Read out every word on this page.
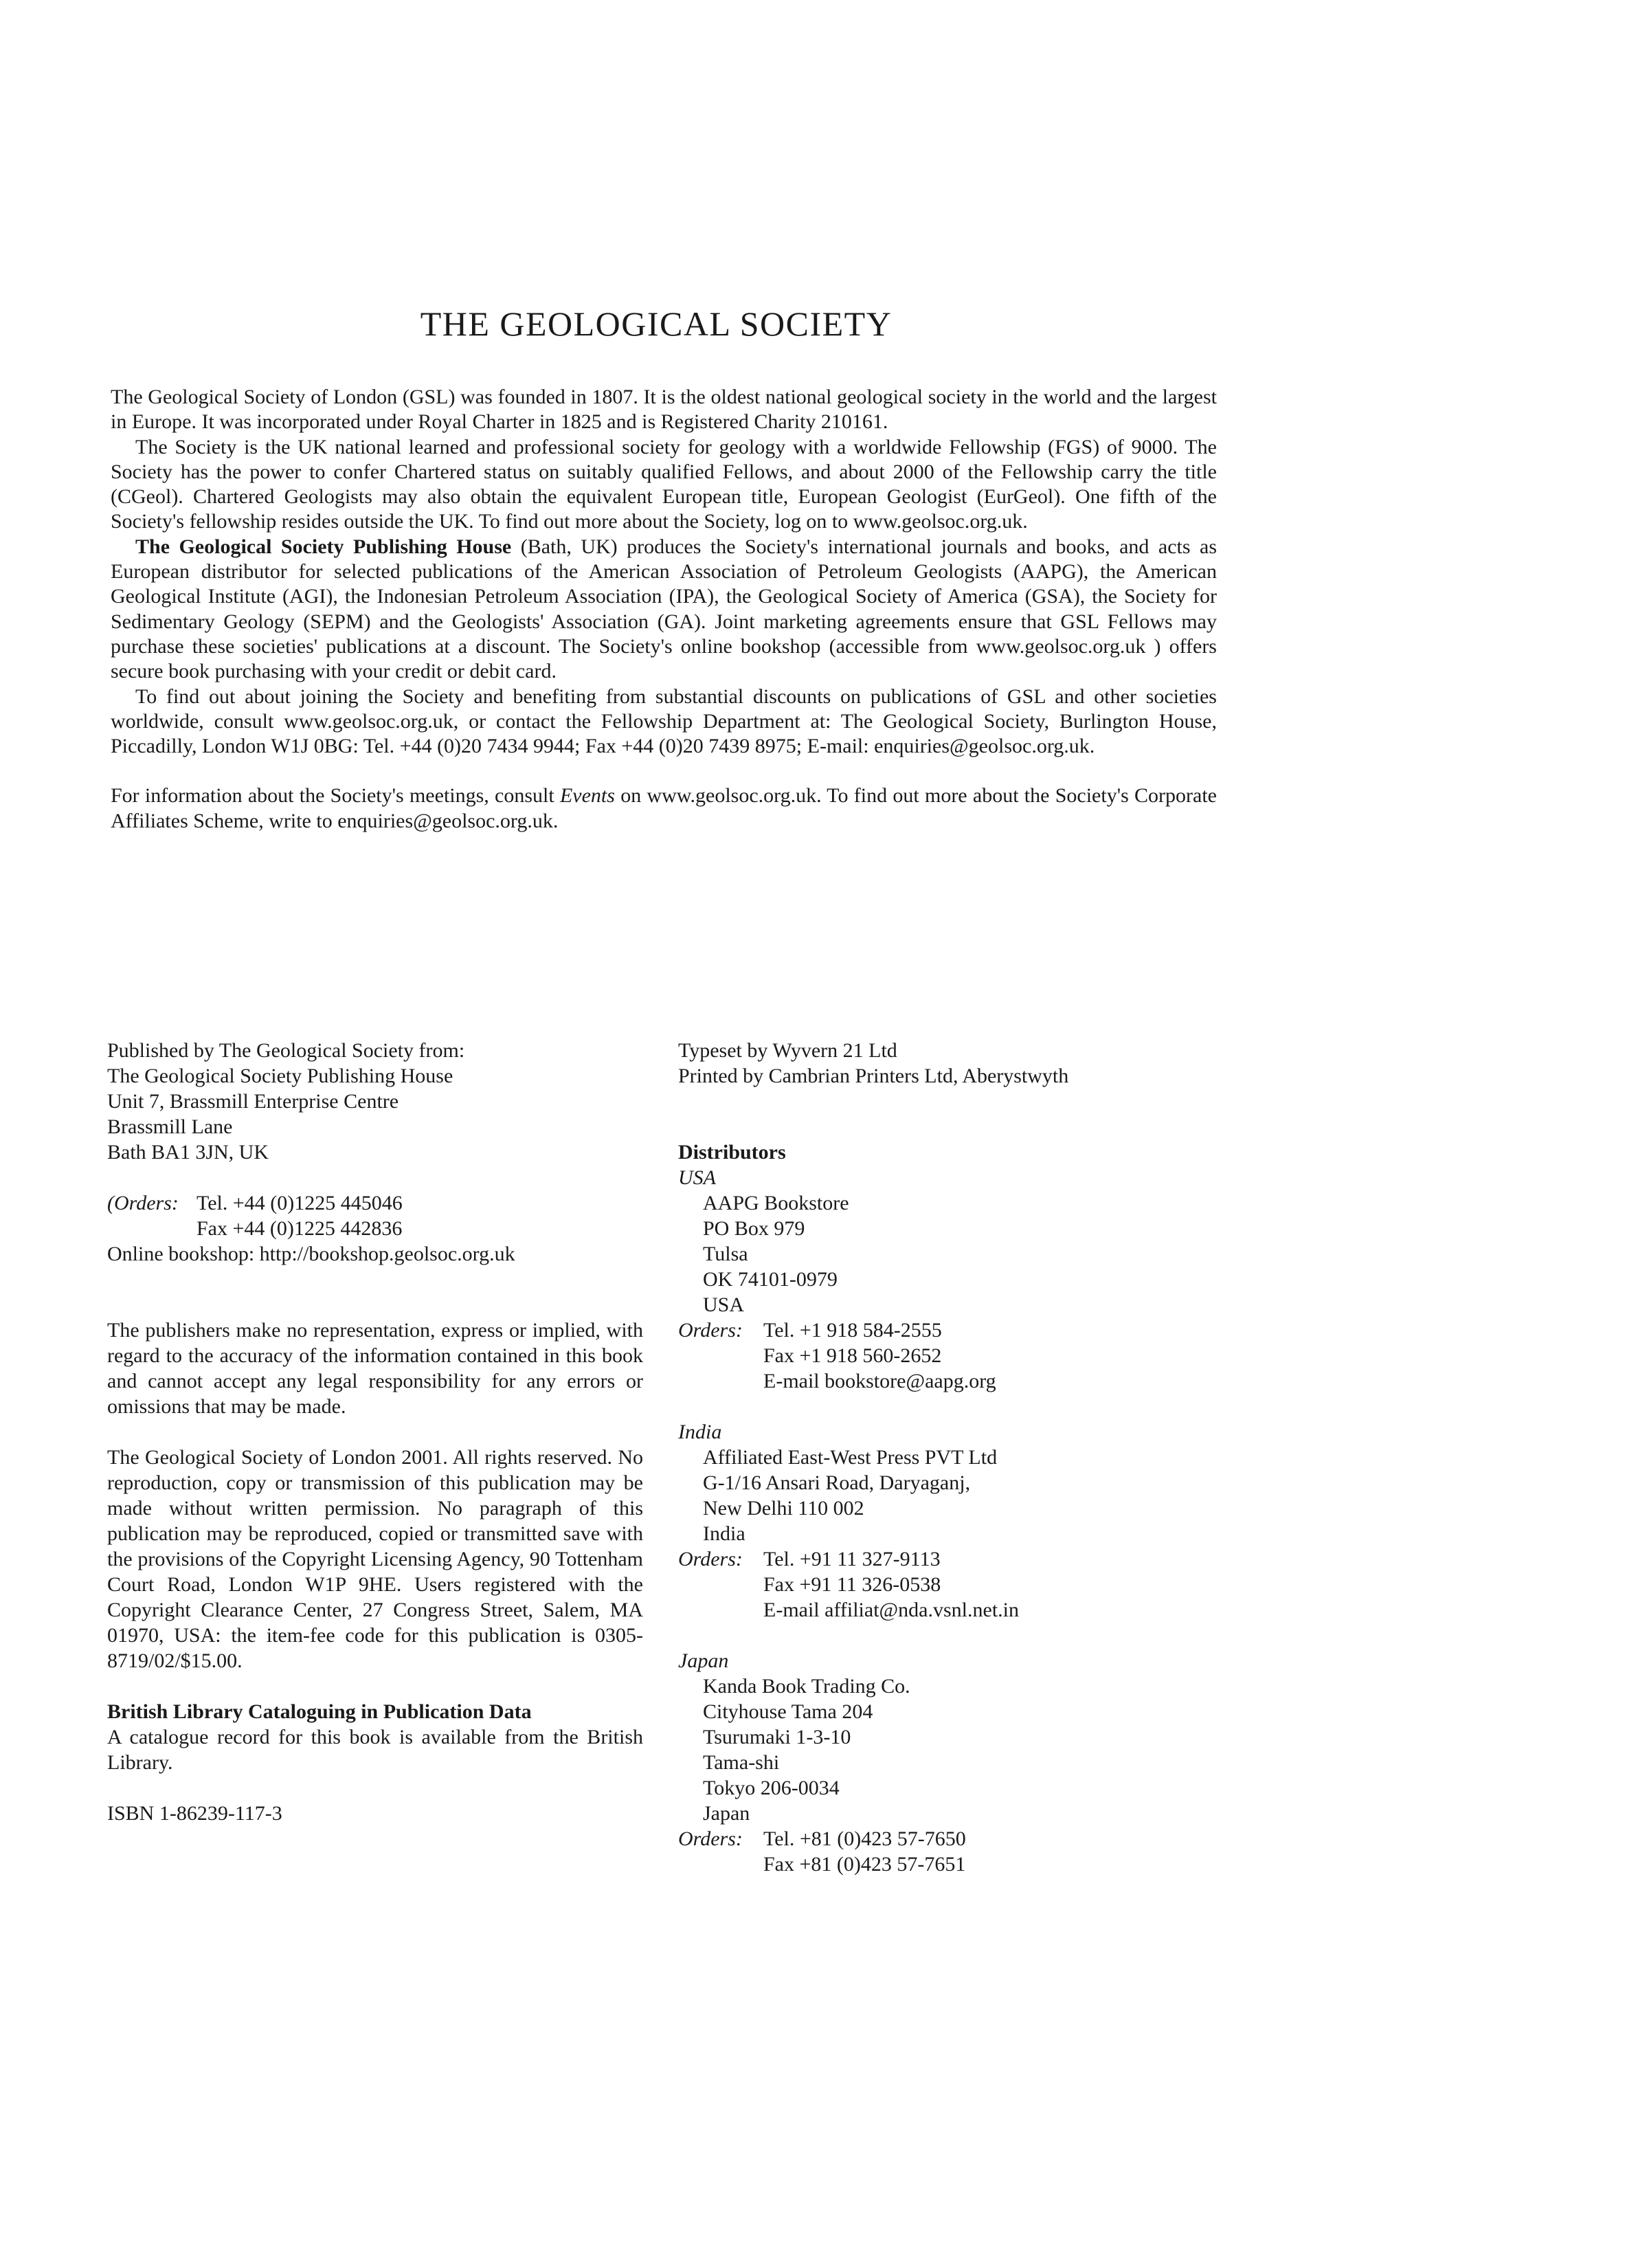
THE GEOLOGICAL SOCIETY

The Geological Society of London (GSL) was founded in 1807. It is the oldest national geological society in the world and the largest in Europe. It was incorporated under Royal Charter in 1825 and is Registered Charity 210161.

The Society is the UK national learned and professional society for geology with a worldwide Fellowship (FGS) of 9000. The Society has the power to confer Chartered status on suitably qualified Fellows, and about 2000 of the Fellowship carry the title (CGeol). Chartered Geologists may also obtain the equivalent European title, European Geologist (EurGeol). One fifth of the Society's fellowship resides outside the UK. To find out more about the Society, log on to www.geolsoc.org.uk.

The Geological Society Publishing House (Bath, UK) produces the Society's international journals and books, and acts as European distributor for selected publications of the American Association of Petroleum Geologists (AAPG), the American Geological Institute (AGI), the Indonesian Petroleum Association (IPA), the Geological Society of America (GSA), the Society for Sedimentary Geology (SEPM) and the Geologists' Association (GA). Joint marketing agreements ensure that GSL Fellows may purchase these societies' publications at a discount. The Society's online bookshop (accessible from www.geolsoc.org.uk ) offers secure book purchasing with your credit or debit card.

To find out about joining the Society and benefiting from substantial discounts on publications of GSL and other societies worldwide, consult www.geolsoc.org.uk, or contact the Fellowship Department at: The Geological Society, Burlington House, Piccadilly, London W1J 0BG: Tel. +44 (0)20 7434 9944; Fax +44 (0)20 7439 8975; E-mail: enquiries@geolsoc.org.uk.

For information about the Society's meetings, consult Events on www.geolsoc.org.uk. To find out more about the Society's Corporate Affiliates Scheme, write to enquiries@geolsoc.org.uk.

Published by The Geological Society from:
The Geological Society Publishing House
Unit 7, Brassmill Enterprise Centre
Brassmill Lane
Bath BA1 3JN, UK
(Orders: Tel. +44 (0)1225 445046
Fax +44 (0)1225 442836
Online bookshop: http://bookshop.geolsoc.org.uk

The publishers make no representation, express or implied, with regard to the accuracy of the information contained in this book and cannot accept any legal responsibility for any errors or omissions that may be made.

The Geological Society of London 2001. All rights reserved. No reproduction, copy or transmission of this publication may be made without written permission. No paragraph of this publication may be reproduced, copied or transmitted save with the provisions of the Copyright Licensing Agency, 90 Tottenham Court Road, London W1P 9HE. Users registered with the Copyright Clearance Center, 27 Congress Street, Salem, MA 01970, USA: the item-fee code for this publication is 0305-8719/02/$15.00.

British Library Cataloguing in Publication Data

A catalogue record for this book is available from the British Library.

ISBN 1-86239-117-3
Typeset by Wyvern 21 Ltd
Printed by Cambrian Printers Ltd, Aberystwyth
Distributors
USA
AAPG Bookstore
PO Box 979
Tulsa
OK 74101-0979
USA
Orders:	Tel. +1 918 584-2555
Fax +1 918 560-2652
E-mail bookstore@aapg.org
India
Affiliated East-West Press PVT Ltd
G-1/16 Ansari Road, Daryaganj,
New Delhi 110 002
India
Orders:	Tel. +91 11 327-9113
Fax +91 11 326-0538
E-mail affiliat@nda.vsnl.net.in
Japan
Kanda Book Trading Co.
Cityhouse Tama 204
Tsurumaki 1-3-10
Tama-shi
Tokyo 206-0034
Japan
Orders:	Tel. +81 (0)423 57-7650
Fax +81 (0)423 57-7651
